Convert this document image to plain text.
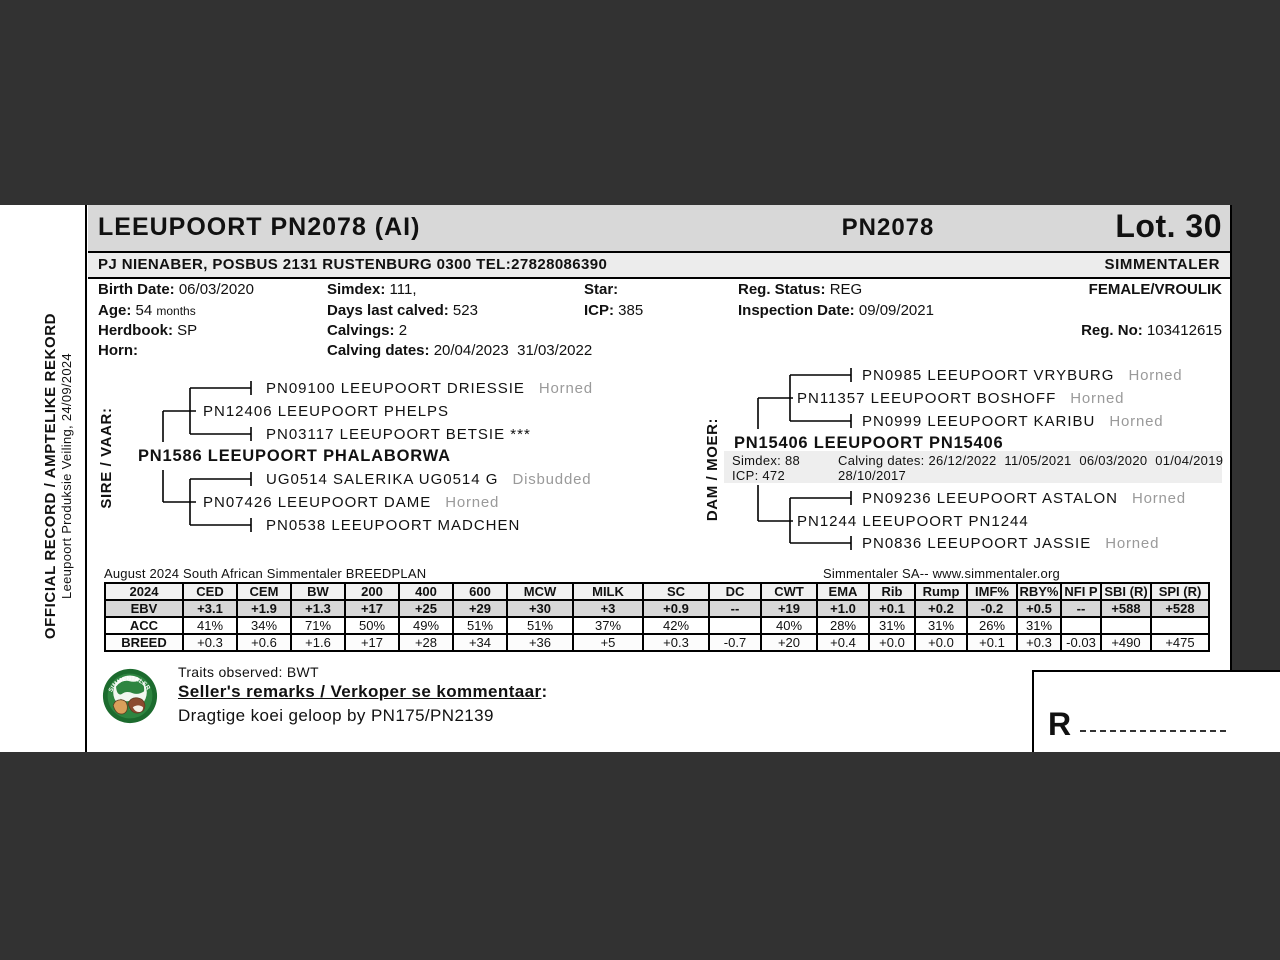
OFFICIAL RECORD / AMPTELIKE REKORD Leeupoort Produksie Veiling, 24/09/2024
LEEUPOORT PN2078 (AI)	PN2078	Lot. 30
PJ NIENABER, POSBUS 2131 RUSTENBURG 0300 TEL:27828086390	SIMMENTALER
Birth Date: 06/03/2020	Simdex: 111,	Star:	Reg. Status: REG	FEMALE/VROULIK
Age: 54 months	Days last calved: 523	ICP: 385	Inspection Date: 09/09/2021
Herdbook: SP	Calvings: 2	Reg. No: 103412615
Horn:	Calving dates: 20/04/2023  31/03/2022
SIRE / VAAR:
PN09100 LEEUPOORT DRIESSIE Horned
PN12406 LEEUPOORT PHELPS
PN03117 LEEUPOORT BETSIE ***
PN1586 LEEUPOORT PHALABORWA
UG0514 SALERIKA UG0514 G Disbudded
PN07426 LEEUPOORT DAME Horned
PN0538 LEEUPOORT MADCHEN
DAM / MOER:
PN0985 LEEUPOORT VRYBURG Horned
PN11357 LEEUPOORT BOSHOFF Horned
PN0999 LEEUPOORT KARIBU Horned
PN15406 LEEUPOORT PN15406
Simdex: 88
ICP: 472
Calving dates: 26/12/2022  11/05/2021  06/03/2020  01/04/2019
28/10/2017
PN09236 LEEUPOORT ASTALON Horned
PN1244 LEEUPOORT PN1244
PN0836 LEEUPOORT JASSIE Horned
August 2024 South African Simmentaler BREEDPLAN	Simmentaler SA-- www.simmentaler.org
2024	CED	CEM	BW	200	400	600	MCW	MILK	SC	DC	CWT	EMA	Rib	Rump	IMF%	RBY%	NFI P	SBI (R)	SPI (R)
EBV	+3.1	+1.9	+1.3	+17	+25	+29	+30	+3	+0.9	--	+19	+1.0	+0.1	+0.2	-0.2	+0.5	--	+588	+528
ACC	41%	34%	71%	50%	49%	51%	51%	37%	42%		40%	28%	31%	31%	26%	31%			
BREED	+0.3	+0.6	+1.6	+17	+28	+34	+36	+5	+0.3	-0.7	+20	+0.4	+0.0	+0.0	+0.1	+0.3	-0.03	+490	+475
SIMMENTALER
Traits observed: BWT
Seller's remarks / Verkoper se kommentaar:
Dragtige koei geloop by PN175/PN2139	R
